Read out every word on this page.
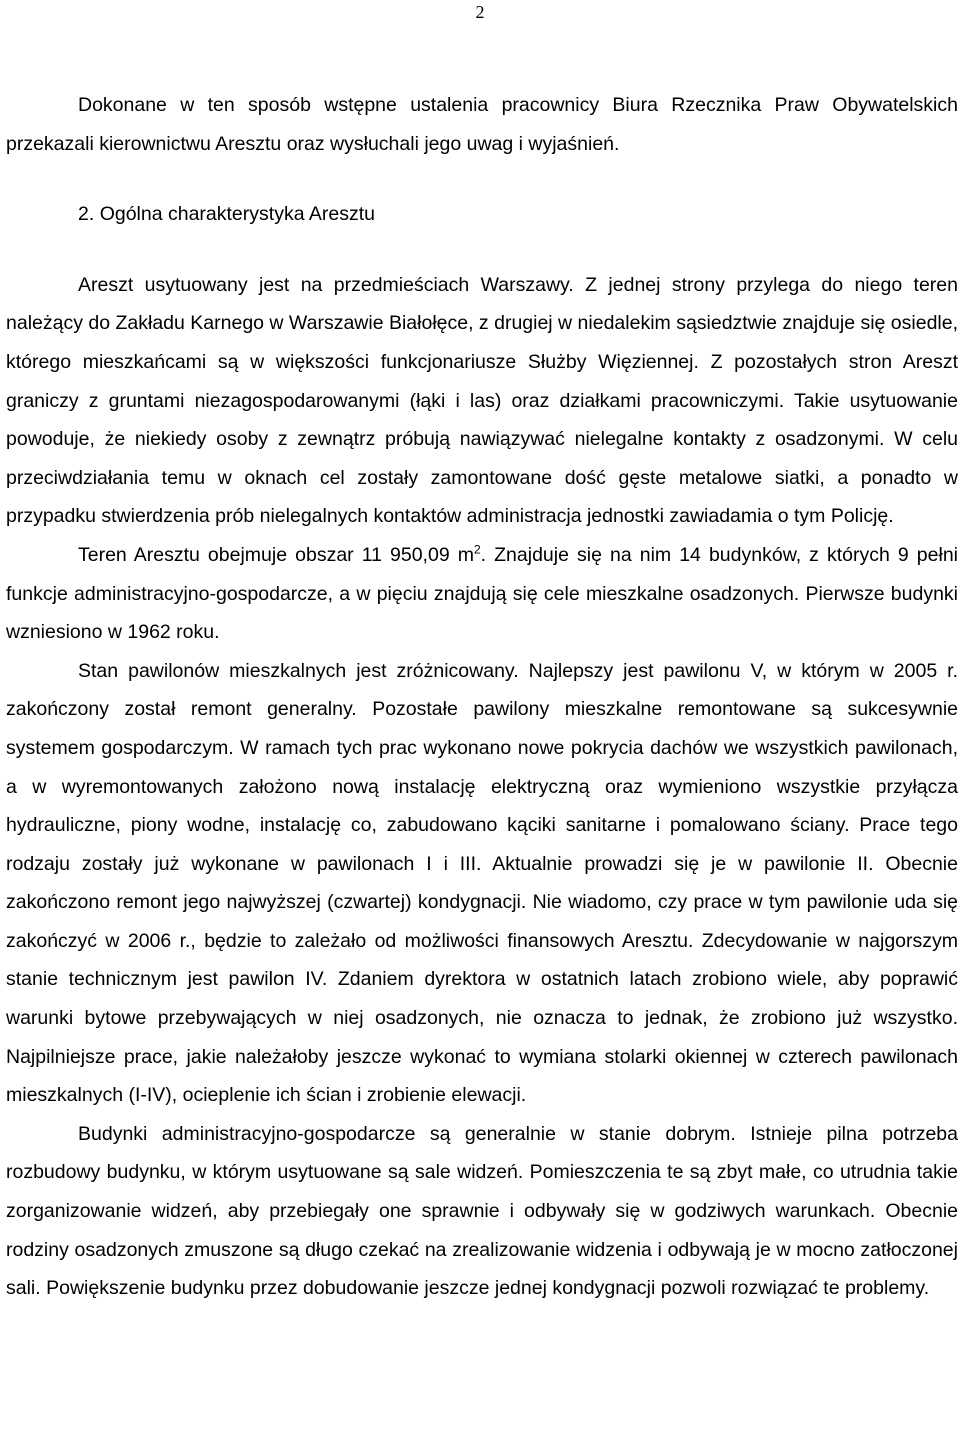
2

Dokonane w ten sposób wstępne ustalenia pracownicy Biura Rzecznika Praw Obywatelskich przekazali kierownictwu Aresztu oraz wysłuchali jego uwag i wyjaśnień.

2. Ogólna charakterystyka Aresztu

Areszt usytuowany jest na przedmieściach Warszawy. Z jednej strony przylega do niego teren należący do Zakładu Karnego w Warszawie Białołęce, z drugiej w niedalekim sąsiedztwie znajduje się osiedle, którego mieszkańcami są w większości funkcjonariusze Służby Więziennej. Z pozostałych stron Areszt graniczy z gruntami niezagospodarowanymi (łąki i las) oraz działkami pracowniczymi. Takie usytuowanie powoduje, że niekiedy osoby z zewnątrz próbują nawiązywać nielegalne kontakty z osadzonymi. W celu przeciwdziałania temu w oknach cel zostały zamontowane dość gęste metalowe siatki, a ponadto w przypadku stwierdzenia prób nielegalnych kontaktów administracja jednostki zawiadamia o tym Policję.

Teren Aresztu obejmuje obszar 11 950,09 $m^2$. Znajduje się na nim 14 budynków, z których 9 pełni funkcje administracyjno-gospodarcze, a w pięciu znajdują się cele mieszkalne osadzonych. Pierwsze budynki wzniesiono w 1962 roku.

Stan pawilonów mieszkalnych jest zróżnicowany. Najlepszy jest pawilonu V, w którym w 2005 r. zakończony został remont generalny. Pozostałe pawilony mieszkalne remontowane są sukcesywnie systemem gospodarczym. W ramach tych prac wykonano nowe pokrycia dachów we wszystkich pawilonach, a w wyremontowanych założono nową instalację elektryczną oraz wymieniono wszystkie przyłącza hydrauliczne, piony wodne, instalację co, zabudowano kąciki sanitarne i pomalowano ściany. Prace tego rodzaju zostały już wykonane w pawilonach I i III. Aktualnie prowadzi się je w pawilonie II. Obecnie zakończono remont jego najwyższej (czwartej) kondygnacji. Nie wiadomo, czy prace w tym pawilonie uda się zakończyć w 2006 r., będzie to zależało od możliwości finansowych Aresztu. Zdecydowanie w najgorszym stanie technicznym jest pawilon IV. Zdaniem dyrektora w ostatnich latach zrobiono wiele, aby poprawić warunki bytowe przebywających w niej osadzonych, nie oznacza to jednak, że zrobiono już wszystko. Najpilniejsze prace, jakie należałoby jeszcze wykonać to wymiana stolarki okiennej w czterech pawilonach mieszkalnych (I-IV), ocieplenie ich ścian i zrobienie elewacji.

Budynki administracyjno-gospodarcze są generalnie w stanie dobrym. Istnieje pilna potrzeba rozbudowy budynku, w którym usytuowane są sale widzeń. Pomieszczenia te są zbyt małe, co utrudnia takie zorganizowanie widzeń, aby przebiegały one sprawnie i odbywały się w godziwych warunkach. Obecnie rodziny osadzonych zmuszone są długo czekać na zrealizowanie widzenia i odbywają je w mocno zatłoczonej sali. Powiększenie budynku przez dobudowanie jeszcze jednej kondygnacji pozwoli rozwiązać te problemy.
